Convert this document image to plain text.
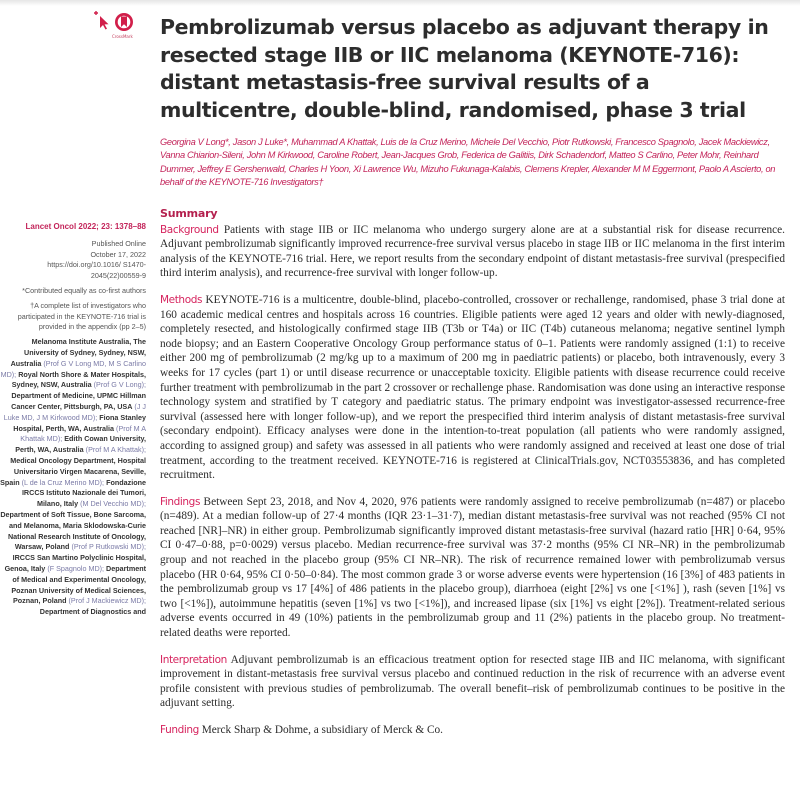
CrossMark Pembrolizumab versus placebo as adjuvant therapy in resected stage IIB or IIC melanoma (KEYNOTE-716): distant metastasis-free survival results of a multicentre, double-blind, randomised, phase 3 trial
Georgina V Long*, Jason J Luke*, Muhammad A Khattak, Luis de la Cruz Merino, Michele Del Vecchio, Piotr Rutkowski, Francesco Spagnolo, Jacek Mackiewicz, Vanna Chiarion-Sileni, John M Kirkwood, Caroline Robert, Jean-Jacques Grob, Federica de Galitiis, Dirk Schadendorf, Matteo S Carlino, Peter Mohr, Reinhard Dummer, Jeffrey E Gershenwald, Charles H Yoon, Xi Lawrence Wu, Mizuho Fukunaga-Kalabis, Clemens Krepler, Alexander M M Eggermont, Paolo A Ascierto, on behalf of the KEYNOTE-716 Investigators†
Lancet Oncol 2022; 23: 1378–88
Published Online
October 17, 2022
https://doi.org/10.1016/ S1470-2045(22)00559-9
*Contributed equally as co-first authors
†A complete list of investigators who participated in the KEYNOTE-716 trial is provided in the appendix (pp 2–5)
Melanoma Institute Australia, The University of Sydney, Sydney, NSW, Australia (Prof G V Long MD, M S Carlino MD); Royal North Shore & Mater Hospitals, Sydney, NSW, Australia (Prof G V Long); Department of Medicine, UPMC Hillman Cancer Center, Pittsburgh, PA, USA (J J Luke MD, J M Kirkwood MD); Fiona Stanley Hospital, Perth, WA, Australia (Prof M A Khattak MD); Edith Cowan University, Perth, WA, Australia (Prof M A Khattak); Medical Oncology Department, Hospital Universitario Virgen Macarena, Seville, Spain (L de la Cruz Merino MD); Fondazione IRCCS Istituto Nazionale dei Tumori, Milano, Italy (M Del Vecchio MD); Department of Soft Tissue, Bone Sarcoma, and Melanoma, Maria Sklodowska-Curie National Research Institute of Oncology, Warsaw, Poland (Prof P Rutkowski MD); IRCCS San Martino Polyclinic Hospital, Genoa, Italy (F Spagnolo MD); Department of Medical and Experimental Oncology, Poznan University of Medical Sciences, Poznan, Poland (Prof J Mackiewicz MD); Department of Diagnostics and
Summary

Background Patients with stage IIB or IIC melanoma who undergo surgery alone are at a substantial risk for disease recurrence. Adjuvant pembrolizumab significantly improved recurrence-free survival versus placebo in stage IIB or IIC melanoma in the first interim analysis of the KEYNOTE-716 trial. Here, we report results from the secondary endpoint of distant metastasis-free survival (prespecified third interim analysis), and recurrence-free survival with longer follow-up.

Methods KEYNOTE-716 is a multicentre, double-blind, placebo-controlled, crossover or rechallenge, randomised, phase 3 trial done at 160 academic medical centres and hospitals across 16 countries. Eligible patients were aged 12 years and older with newly-diagnosed, completely resected, and histologically confirmed stage IIB (T3b or T4a) or IIC (T4b) cutaneous melanoma; negative sentinel lymph node biopsy; and an Eastern Cooperative Oncology Group performance status of 0–1. Patients were randomly assigned (1:1) to receive either 200 mg of pembrolizumab (2 mg/kg up to a maximum of 200 mg in paediatric patients) or placebo, both intravenously, every 3 weeks for 17 cycles (part 1) or until disease recurrence or unacceptable toxicity. Eligible patients with disease recurrence could receive further treatment with pembrolizumab in the part 2 crossover or rechallenge phase. Randomisation was done using an interactive response technology system and stratified by T category and paediatric status. The primary endpoint was investigator-assessed recurrence-free survival (assessed here with longer follow-up), and we report the prespecified third interim analysis of distant metastasis-free survival (secondary endpoint). Efficacy analyses were done in the intention-to-treat population (all patients who were randomly assigned, according to assigned group) and safety was assessed in all patients who were randomly assigned and received at least one dose of trial treatment, according to the treatment received. KEYNOTE-716 is registered at ClinicalTrials.gov, NCT03553836, and has completed recruitment.

Findings Between Sept 23, 2018, and Nov 4, 2020, 976 patients were randomly assigned to receive pembrolizumab (n=487) or placebo (n=489). At a median follow-up of 27·4 months (IQR 23·1–31·7), median distant metastasis-free survival was not reached (95% CI not reached [NR]–NR) in either group. Pembrolizumab significantly improved distant metastasis-free survival (hazard ratio [HR] 0·64, 95% CI 0·47–0·88, p=0·0029) versus placebo. Median recurrence-free survival was 37·2 months (95% CI NR–NR) in the pembrolizumab group and not reached in the placebo group (95% CI NR–NR). The risk of recurrence remained lower with pembrolizumab versus placebo (HR 0·64, 95% CI 0·50–0·84). The most common grade 3 or worse adverse events were hypertension (16 [3%] of 483 patients in the pembrolizumab group vs 17 [4%] of 486 patients in the placebo group), diarrhoea (eight [2%] vs one [<1%] ), rash (seven [1%] vs two [<1%]), autoimmune hepatitis (seven [1%] vs two [<1%]), and increased lipase (six [1%] vs eight [2%]). Treatment-related serious adverse events occurred in 49 (10%) patients in the pembrolizumab group and 11 (2%) patients in the placebo group. No treatment-related deaths were reported.

Interpretation Adjuvant pembrolizumab is an efficacious treatment option for resected stage IIB and IIC melanoma, with significant improvement in distant-metastasis free survival versus placebo and continued reduction in the risk of recurrence with an adverse event profile consistent with previous studies of pembrolizumab. The overall benefit–risk of pembrolizumab continues to be positive in the adjuvant setting.

Funding Merck Sharp & Dohme, a subsidiary of Merck & Co.
